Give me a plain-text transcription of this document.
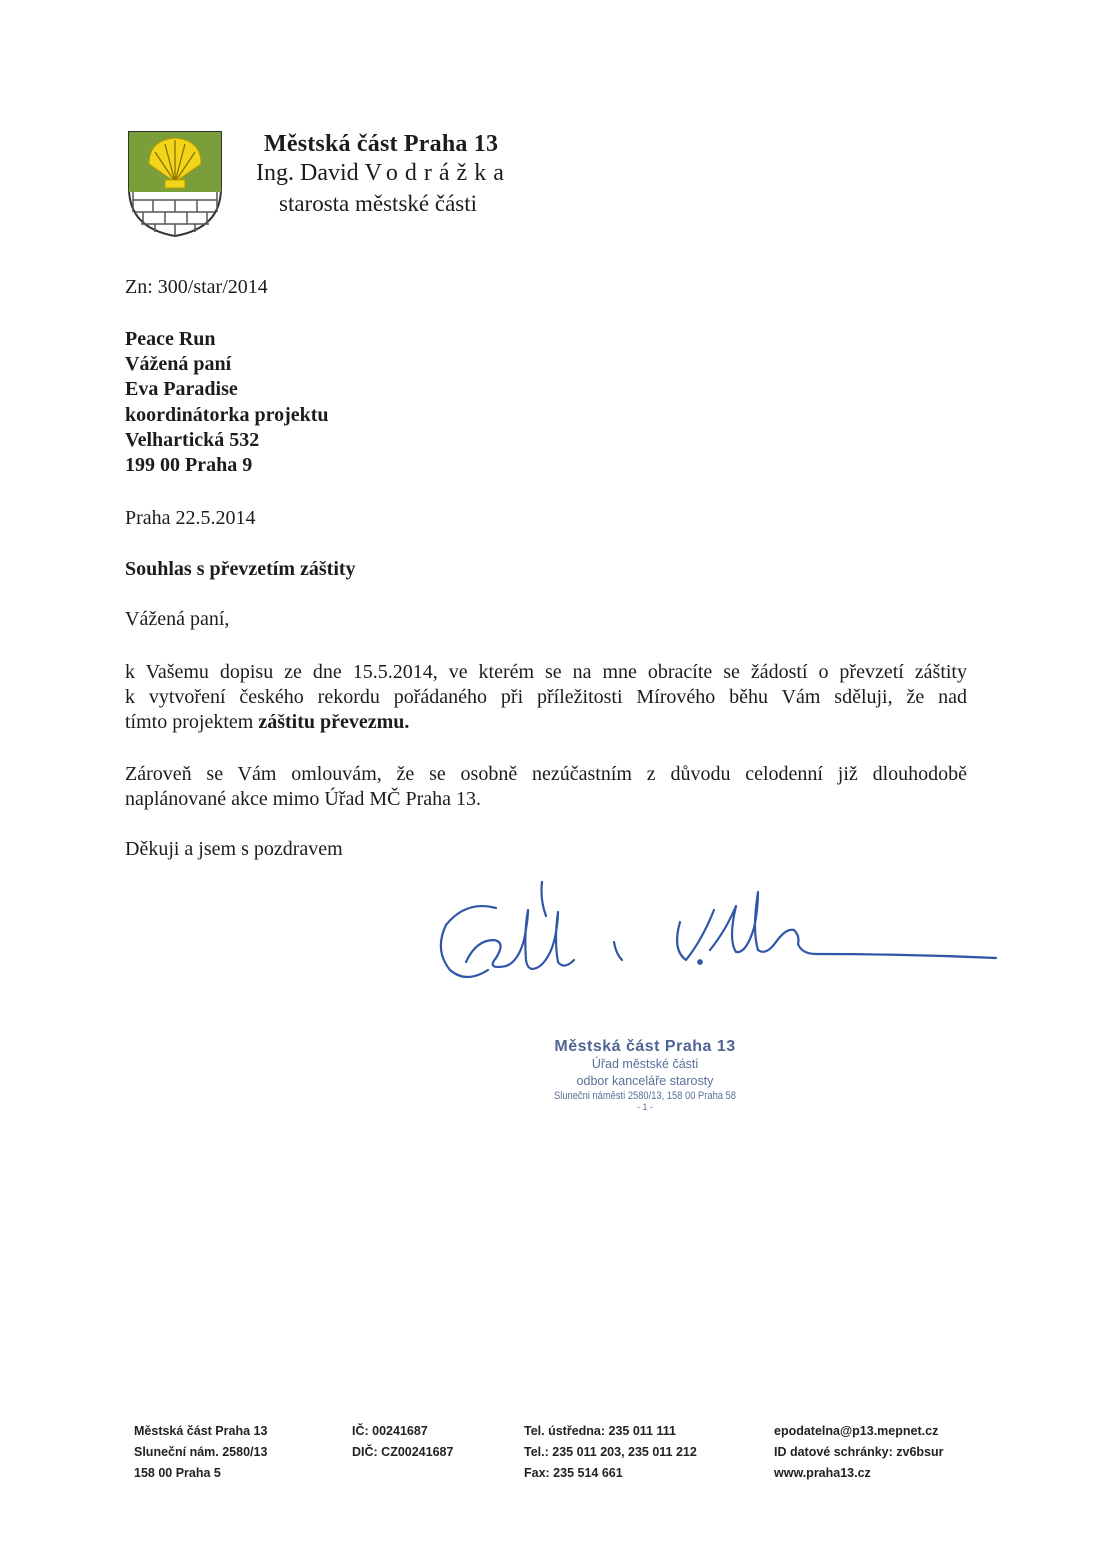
Městská část Praha 13
Ing. David Vodrážka
starosta městské části
Zn: 300/star/2014
Peace Run
Vážená paní
Eva Paradise
koordinátorka projektu
Velhartická 532
199 00 Praha 9
Praha 22.5.2014
Souhlas s převzetím záštity
Vážená paní,
k Vašemu dopisu ze dne 15.5.2014, ve kterém se na mne obracíte se žádostí o převzetí záštity
k vytvoření českého rekordu pořádaného při příležitosti Mírového běhu Vám sděluji, že nad
tímto projektem záštitu převezmu.
Zároveň se Vám omlouvám, že se osobně nezúčastním z důvodu celodenní již dlouhodobě
naplánované akce mimo Úřad MČ Praha 13.
Děkuji a jsem s pozdravem
Městská část Praha 13
Úřad městské části
odbor kanceláře starosty
Slunečni náměsti 2580/13, 158 00 Praha 58
- 1 -
Městská část Praha 13
Sluneční nám. 2580/13
158 00 Praha 5
IČ: 00241687
DIČ: CZ00241687
Tel. ústředna: 235 011 111
Tel.: 235 011 203, 235 011 212
Fax: 235 514 661
epodatelna@p13.mepnet.cz
ID datové schránky: zv6bsur
www.praha13.cz
